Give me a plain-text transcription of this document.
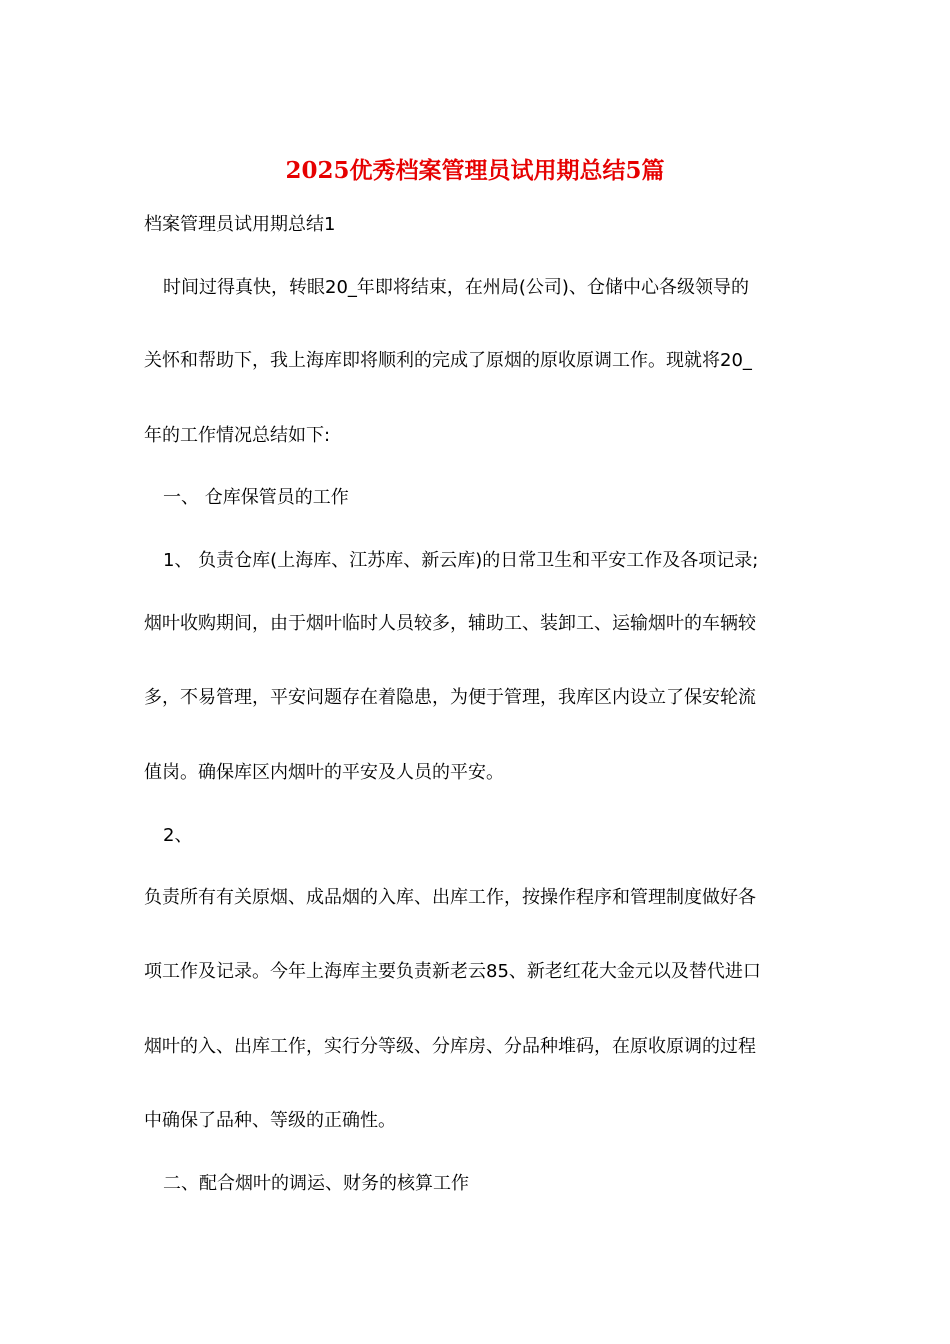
2025优秀档案管理员试用期总结5篇
档案管理员试用期总结1
时间过得真快，转眼20_年即将结束，在州局(公司)、仓储中心各级领导的
关怀和帮助下，我上海库即将顺利的完成了原烟的原收原调工作。现就将20_
年的工作情况总结如下:
一、 仓库保管员的工作
1、 负责仓库(上海库、江苏库、新云库)的日常卫生和平安工作及各项记录;
烟叶收购期间，由于烟叶临时人员较多，辅助工、装卸工、运输烟叶的车辆较
多，不易管理，平安问题存在着隐患，为便于管理，我库区内设立了保安轮流
值岗。确保库区内烟叶的平安及人员的平安。
2、
负责所有有关原烟、成品烟的入库、出库工作，按操作程序和管理制度做好各
项工作及记录。今年上海库主要负责新老云85、新老红花大金元以及替代进口
烟叶的入、出库工作，实行分等级、分库房、分品种堆码，在原收原调的过程
中确保了品种、等级的正确性。
二、配合烟叶的调运、财务的核算工作
